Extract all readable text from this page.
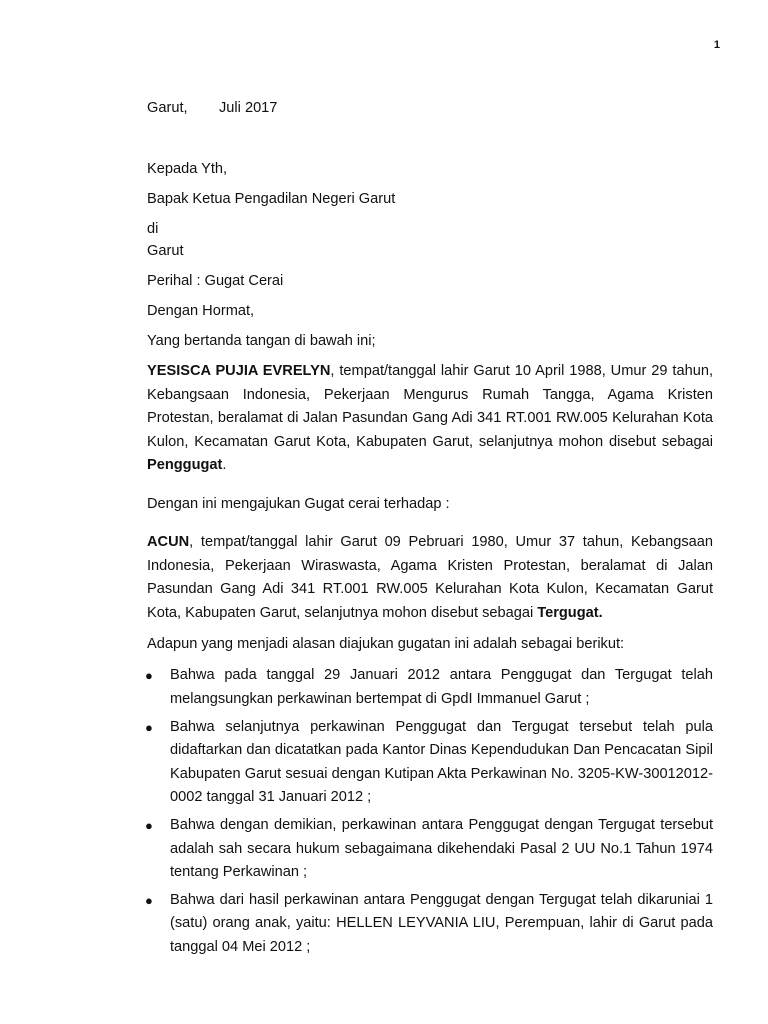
1
Garut,	Juli 2017

Kepada Yth,

Bapak Ketua Pengadilan Negeri Garut

di

Garut

Perihal : Gugat Cerai

Dengan Hormat,

Yang bertanda tangan di bawah ini;

YESISCA PUJIA EVRELYN, tempat/tanggal lahir Garut 10 April 1988, Umur 29 tahun, Kebangsaan Indonesia, Pekerjaan Mengurus Rumah Tangga, Agama Kristen Protestan, beralamat di Jalan Pasundan Gang Adi 341 RT.001 RW.005 Kelurahan Kota Kulon, Kecamatan Garut Kota, Kabupaten Garut, selanjutnya mohon disebut sebagai Penggugat.

Dengan ini mengajukan Gugat cerai terhadap :

ACUN, tempat/tanggal lahir Garut 09 Pebruari 1980, Umur 37 tahun, Kebangsaan Indonesia, Pekerjaan Wiraswasta, Agama Kristen Protestan, beralamat di Jalan Pasundan Gang Adi 341 RT.001 RW.005 Kelurahan Kota Kulon, Kecamatan Garut Kota, Kabupaten Garut, selanjutnya mohon disebut sebagai Tergugat.

Adapun yang menjadi alasan diajukan gugatan ini adalah sebagai berikut:

● Bahwa pada tanggal 29 Januari 2012 antara Penggugat dan Tergugat telah melangsungkan perkawinan bertempat di GpdI Immanuel Garut ;
● Bahwa selanjutnya perkawinan Penggugat dan Tergugat tersebut telah pula didaftarkan dan dicatatkan pada Kantor Dinas Kependudukan Dan Pencacatan Sipil Kabupaten Garut sesuai dengan Kutipan Akta Perkawinan No. 3205-KW-30012012-0002 tanggal 31 Januari 2012 ;
● Bahwa dengan demikian, perkawinan antara Penggugat dengan Tergugat tersebut adalah sah secara hukum sebagaimana dikehendaki Pasal 2 UU No.1 Tahun 1974 tentang Perkawinan ;
● Bahwa dari hasil perkawinan antara Penggugat dengan Tergugat telah dikaruniai 1 (satu) orang anak, yaitu: HELLEN LEYVANIA LIU, Perempuan, lahir di Garut pada tanggal 04 Mei 2012 ;
